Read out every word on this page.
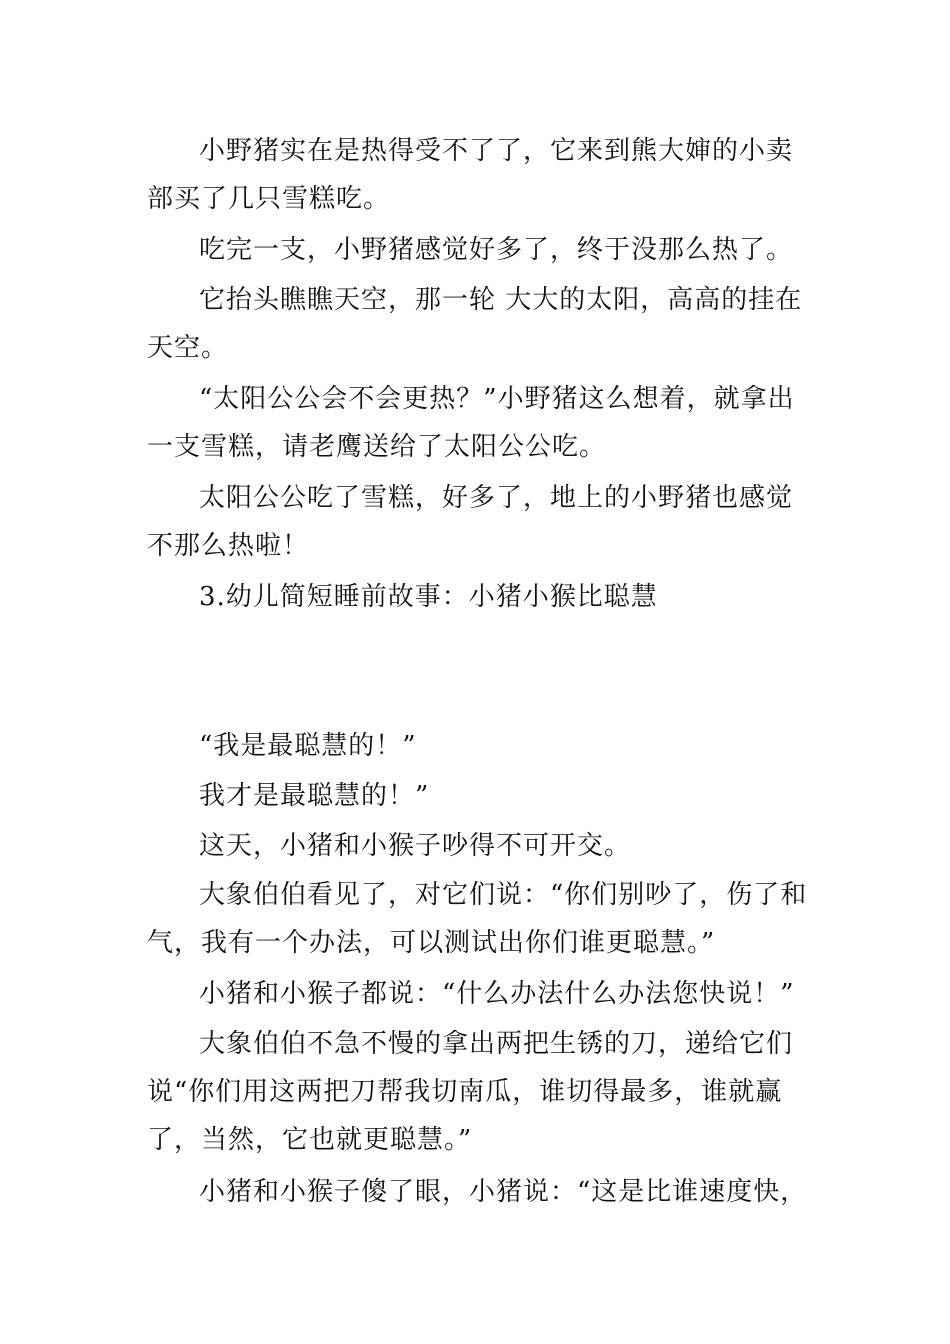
小野猪实在是热得受不了了，它来到熊大婶的小卖部买了几只雪糕吃。

吃完一支，小野猪感觉好多了，终于没那么热了。

它抬头瞧瞧天空，那一轮 大大的太阳，高高的挂在天空。

“太阳公公会不会更热？”小野猪这么想着，就拿出一支雪糕，请老鹰送给了太阳公公吃。

太阳公公吃了雪糕，好多了，地上的小野猪也感觉不那么热啦！

3.幼儿简短睡前故事：小猪小猴比聪慧

“我是最聪慧的！”

我才是最聪慧的！”

这天，小猪和小猴子吵得不可开交。

大象伯伯看见了，对它们说：“你们别吵了，伤了和气，我有一个办法，可以测试出你们谁更聪慧。”

小猪和小猴子都说：“什么办法什么办法您快说！”

大象伯伯不急不慢的拿出两把生锈的刀，递给它们说“你们用这两把刀帮我切南瓜，谁切得最多，谁就赢了，当然，它也就更聪慧。”

小猪和小猴子傻了眼，小猪说：“这是比谁速度快，
